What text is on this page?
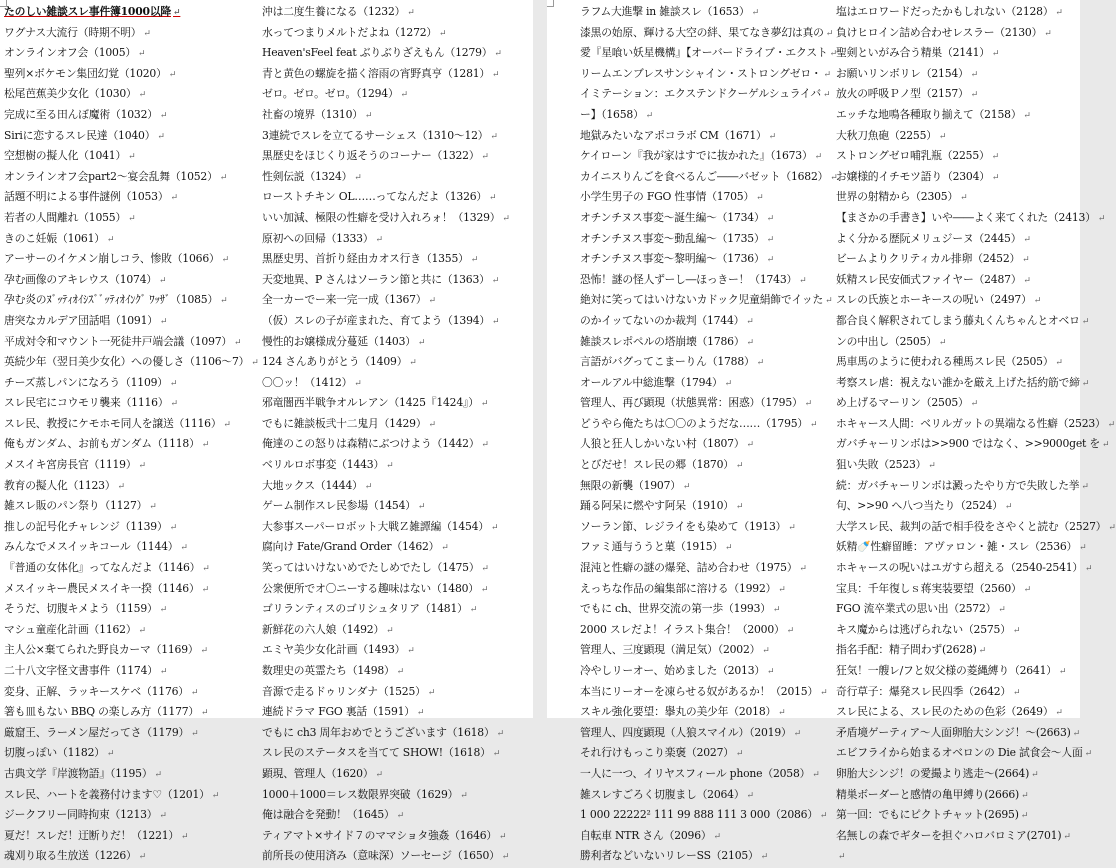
たのしい雑談スレ事件簿1000以降 ↵
ワグナス大流行（時期不明） ↵
オンラインオフ会（1005） ↵
聖列×ボケモン集団幻覚（1020） ↵
松尾芭蕉美少女化（1030） ↵
完成に至る田んぼ魔術（1032） ↵
Siriに恋するスレ民達（1040） ↵
空想樹の擬人化（1041） ↵
オンラインオフ会part2～宴会乱舞（1052） ↵
話題不明による事件謎例（1053） ↵
若者の人間離れ（1055） ↵
きのこ妊娠（1061） ↵
アーサーのイケメン崩しコラ、惨敗（1066） ↵
孕む画像のアキレウス（1074） ↵
孕む炎のﾇﾞｯﾃｨｵｲｼｽﾞﾞｯﾃｨｵｲﾝｸﾞ ﾜｯｻﾞ（1085） ↵
唐突なカルデア団話唱（1091） ↵
平成対令和マウント一死徒井戸端会議（1097） ↵
英続少年（翌日美少女化）への優しさ（1106～7） ↵
チーズ蒸しパンになろう（1109） ↵
スレ民宅にコウモリ襲来（1116） ↵
スレ民、教授にケモホモ同人を譲送（1116） ↵
俺もガンダム、お前もガンダム（1118） ↵
メスイキ宮房長官（1119） ↵
教育の擬人化（1123） ↵
雑スレ販のパン祭り（1127） ↵
推しの記号化チャレンジ（1139） ↵
みんなでメスイッキコール（1144） ↵
『普通の女体化』ってなんだよ（1146） ↵
メスイッキー農民メスイキ一揆（1146） ↵
そうだ、切腹キメよう（1159） ↵
マシュ童産化計画（1162） ↵
主人公×棄てられた野良カーマ（1169） ↵
二十八文字怪文書事件（1174） ↵
変身、正解、ラッキースケベ（1176） ↵
箸も皿もない BBQ の楽しみ方（1177） ↵
厳窟王、ラーメン屋だってさ（1179） ↵
切腹っぽい（1182） ↵
古典文学『岸渡物語』（1195） ↵
スレ民、ハートを義務付けます♡（1201） ↵
ジークフリー同時拘束（1213） ↵
夏だ！スレだ！迂断りだ！（1221） ↵
魂刈り取る生放送（1226） ↵
沖は二度生養になる（1232） ↵
水ってつまりメルトだよね（1272） ↵
Heaven'sFeel feat ぶりぶりざえもん（1279） ↵
青と黄色の螺旋を描く溶雨の宵野真亨（1281） ↵
ゼロ。ゼロ。ゼロ。（1294） ↵
社畜の境界（1310） ↵
3連続でスレを立てるサーシェス（1310～12） ↵
黒歴史をほじくり返そうのコーナー（1322） ↵
性剣伝説（1324） ↵
ローストチキン OL……ってなんだよ（1326） ↵
いい加減、極限の性癖を受け入れろォ！（1329） ↵
原初への回帰（1333） ↵
黒歴史男、首折り経由カオス行き（1355） ↵
天変地異、P さんはソーラン節と共に（1363） ↵
全一カーでー来一完一成（1367） ↵
（仮）スレの子が産まれた、育てよう（1394） ↵
慢性的お嬢様成分蔓延（1403） ↵
124 さんありがとう（1409） ↵
〇〇ッ！（1412） ↵
邪竜闇西半戦争オルレアン（1425『1424』） ↵
でもに雑談板弐十二鬼月（1429） ↵
俺達のこの怒りは森精にぶつけよう（1442） ↵
ベリルロボ事変（1443） ↵
大地ックス（1444） ↵
ゲーム制作スレ民参場（1454） ↵
大参事スーパーロボット大戦Ｚ雑譚編（1454） ↵
腐向け Fate/Grand Order（1462） ↵
笑ってはいけないめでたしめでたし（1475） ↵
公衆便所でオ〇ニーする趣味はない（1480） ↵
ゴリランティスのゴリシュタリア（1481） ↵
新鮮花の六人娘（1492） ↵
エミヤ美少女化計画（1493） ↵
数理史の英霊たち（1498） ↵
音源で走るドゥリンダナ（1525） ↵
連続ドラマ FGO 裏話（1591） ↵
でもに ch3 周年おめでとうございます（1618） ↵
スレ民のステータスを当てて SHOW!（1618） ↵
顕現、管理人（1620） ↵
1000＋1000＝レス数限界突破（1629） ↵
俺は融合を発動！（1645） ↵
ティアマト×サイド７のママショタ強姦（1646） ↵
前所長の使用済み（意味深）ソーセージ（1650） ↵
ラフム大進撃 in 雑談スレ（1653） ↵
漆黒の始原、輝ける大空の絆、果てなき夢幻は真の ↵
愛『星喰い妖星機構』【オーバードライブ・エクスト ↵
リームエンブレスサンシャイン・ストロングゼロ・ ↵
イミテーション：エクステンドクーゲルシュライバ ↵
ー】（1658） ↵
地獄みたいなアポコラボ CM（1671） ↵
ケイローン『我が家はすでに抜かれた』（1673） ↵
カイニスりんごを食べるんご――バゼット（1682） ↵
小学生男子の FGO 性事情（1705） ↵
オチンチヌス事変～誕生編～（1734） ↵
オチンチヌス事変～動乱編～（1735） ↵
オチンチヌス事変～黎明編～（1736） ↵
恐怖！謎の怪人ずーし―ほっきー！（1743） ↵
絶対に笑ってはいけないカドック児童絹飾でイッた ↵
のかイッてないのか裁判（1744） ↵
雑談スレポペルの塔崩壊（1786） ↵
言語がバグってこまーりん（1788） ↵
オールアル中総進撃（1794） ↵
管理人、再び顕現（状態異常：困惑）（1795） ↵
どうやら俺たちは〇〇のようだな……（1795） ↵
人狼と狂人しかいない村（1807） ↵
とびだせ！スレ民の郷（1870） ↵
無限の新襲（1907） ↵
踊る阿呆に燃やす阿呆（1910） ↵
ソーラン節、レジライをも染めて（1913） ↵
ファミ通与ううと菓（1915） ↵
混沌と性癖の謎の爆発、詰め合わせ（1975） ↵
えっちな作品の編集部に溶ける（1992） ↵
でもに ch、世界交流の第一歩（1993） ↵
2000 スレだよ！イラスト集合！（2000） ↵
管理人、三度顕現（満足気）（2002） ↵
冷やしリーオー、始めました（2013） ↵
本当にリーオーを凍らせる奴があるか！（2015） ↵
スキル強化要望：擧丸の美少年（2018） ↵
管理人、四度顕現（人狼スマイル）（2019） ↵
それ行けもっこり楽褒（2027） ↵
一人に一つ、イリヤスフィール phone（2058） ↵
雑スレすごろく切腹まし（2064） ↵
1 000 22222² 111 99 888 111 3 000（2086） ↵
自転車 NTR さん（2096） ↵
勝利者などいないリレーSS（2105） ↵
塩はエロワードだったかもしれない（2128） ↵
負けヒロイン詰め合わせレスラー（2130） ↵
聖剣といがみ合う精巣（2141） ↵
お願いリンボリレ（2154） ↵
放火の呼吸Ｐノ型（2157） ↵
エッチな地鳴各種取り揃えて（2158） ↵
大秋刀魚砲（2255） ↵
ストロングゼロ哺乳瓶（2255） ↵
お嬢様的イチモツ語り（2304） ↵
世界の射精から（2305） ↵
【まさかの手書き】いや――よく来てくれた（2413） ↵
よく分かる歴阮メリュジーヌ（2445） ↵
ビームよりクリティカル排卵（2452） ↵
妖精スレ民安価式ファイヤー（2487） ↵
スレの氏族とホーキースの呪い（2497） ↵
都合良く解釈されてしまう藤丸くんちゃんとオベロ ↵
ンの中出し（2505） ↵
馬車馬のように使われる種馬スレ民（2505） ↵
考察スレ虐：視えない誰かを厳え上げた括約筋で締 ↵
め上げるマーリン（2505） ↵
ホキャース人間：ベリルガットの異端なる性癖（2523） ↵
ガバチャーリンボは>>900 ではなく、>>9000get を ↵
狙い失敗（2523） ↵
続：ガバチャーリンボは澱ったやり方で失敗した挙 ↵
句、>>90 へ八つ当たり（2524） ↵
大学スレ民、裁判の話で相手役をさやくと読む（2527） ↵
妖精🍼性癖留睡：アヴァロン・雑・スレ（2536） ↵
ホキャースの呪いはユガすら超える（2540-2541） ↵
宝具：千年復しｓ蒋実装要望（2560） ↵
FGO 流卒業式の思い出（2572） ↵
キス魔からは逃げられない（2575） ↵
指名手配：精子問わず(2628) ↵
狂気！一艘レ/フと奴父様の菱縄縛り（2641） ↵
奇行草子：爆発スレ民四季（2642） ↵
スレ民による、スレ民のための色彩（2649） ↵
矛盾境ゲーティア～人面卵胎大シンジ！～(2663) ↵
エビフライから始まるオベロンの Die 試食会～人面 ↵
卵胎大シンジ！の愛撮より逃走～(2664) ↵
精巣ボーダーと感情の亀甲縛り(2666) ↵
第一回：でもにピクトチャット(2695) ↵
名無しの森でギターを担ぐハロバロミア(2701) ↵
↵
